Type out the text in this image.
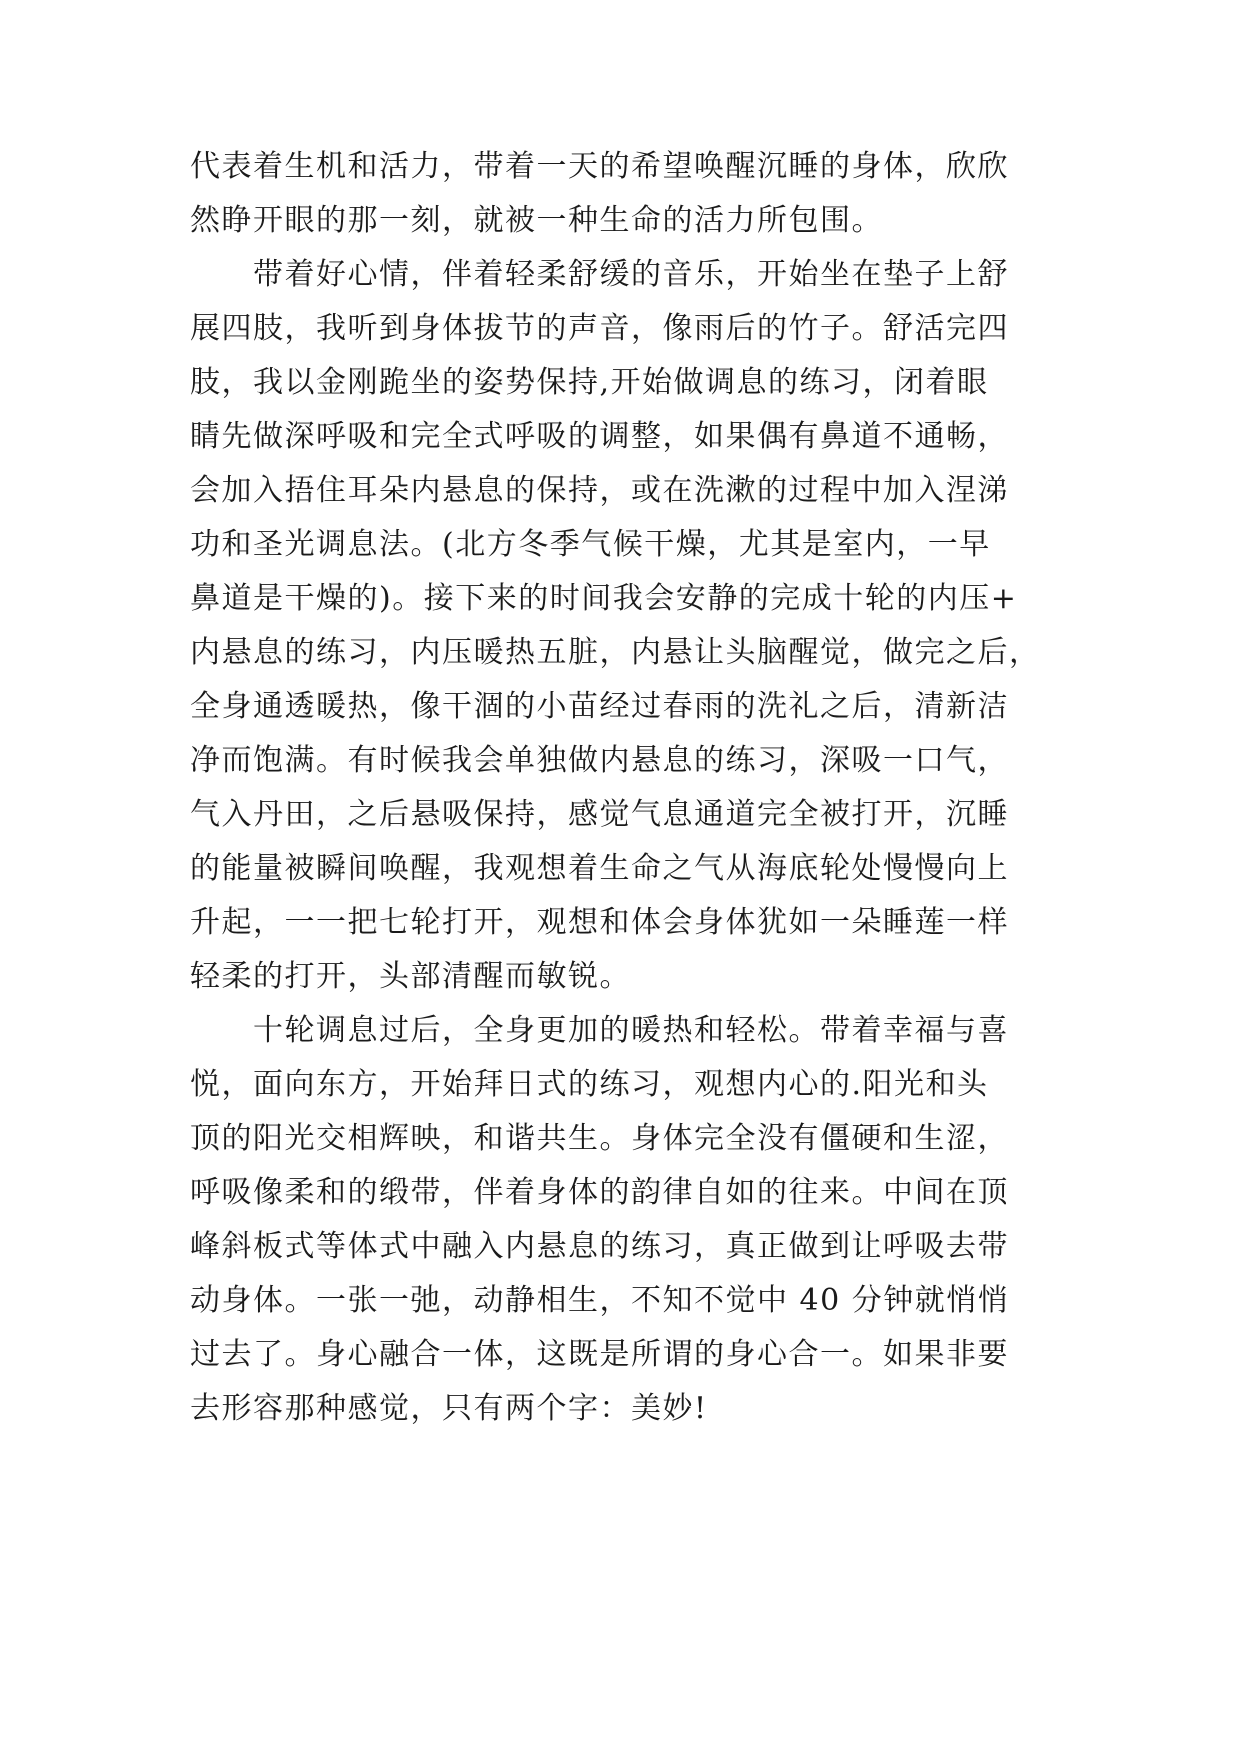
代表着生机和活力，带着一天的希望唤醒沉睡的身体，欣欣
然睁开眼的那一刻，就被一种生命的活力所包围。
带着好心情，伴着轻柔舒缓的音乐，开始坐在垫子上舒
展四肢，我听到身体拔节的声音，像雨后的竹子。舒活完四
肢，我以金刚跪坐的姿势保持,开始做调息的练习，闭着眼
睛先做深呼吸和完全式呼吸的调整，如果偶有鼻道不通畅，
会加入捂住耳朵内悬息的保持，或在洗漱的过程中加入涅涕
功和圣光调息法。(北方冬季气候干燥，尤其是室内，一早
鼻道是干燥的)。接下来的时间我会安静的完成十轮的内压+
内悬息的练习，内压暖热五脏，内悬让头脑醒觉，做完之后，
全身通透暖热，像干涸的小苗经过春雨的洗礼之后，清新洁
净而饱满。有时候我会单独做内悬息的练习，深吸一口气，
气入丹田，之后悬吸保持，感觉气息通道完全被打开，沉睡
的能量被瞬间唤醒，我观想着生命之气从海底轮处慢慢向上
升起，一一把七轮打开，观想和体会身体犹如一朵睡莲一样
轻柔的打开，头部清醒而敏锐。
十轮调息过后，全身更加的暖热和轻松。带着幸福与喜
悦，面向东方，开始拜日式的练习，观想内心的.阳光和头
顶的阳光交相辉映，和谐共生。身体完全没有僵硬和生涩，
呼吸像柔和的缎带，伴着身体的韵律自如的往来。中间在顶
峰斜板式等体式中融入内悬息的练习，真正做到让呼吸去带
动身体。一张一弛，动静相生，不知不觉中 40 分钟就悄悄
过去了。身心融合一体，这既是所谓的身心合一。如果非要
去形容那种感觉，只有两个字：美妙!
